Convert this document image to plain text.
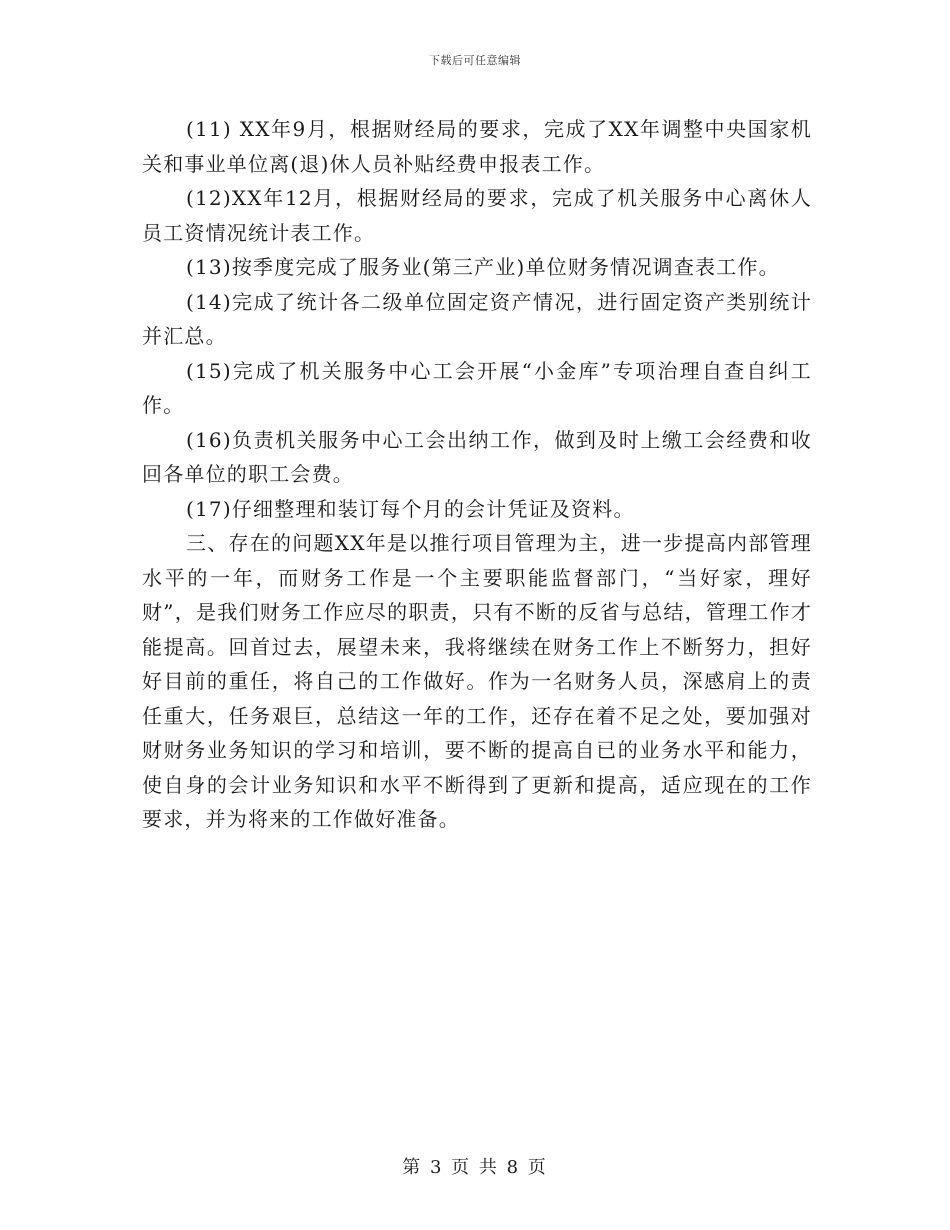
下载后可任意编辑

(11) XX年9月，根据财经局的要求，完成了XX年调整中央国家机关和事业单位离(退)休人员补贴经费申报表工作。

(12)XX年12月，根据财经局的要求，完成了机关服务中心离休人员工资情况统计表工作。

(13)按季度完成了服务业(第三产业)单位财务情况调查表工作。

(14)完成了统计各二级单位固定资产情况，进行固定资产类别统计并汇总。

(15)完成了机关服务中心工会开展“小金库”专项治理自查自纠工作。

(16)负责机关服务中心工会出纳工作，做到及时上缴工会经费和收回各单位的职工会费。

(17)仔细整理和装订每个月的会计凭证及资料。

三、存在的问题XX年是以推行项目管理为主，进一步提高内部管理水平的一年，而财务工作是一个主要职能监督部门，“当好家，理好财”，是我们财务工作应尽的职责，只有不断的反省与总结，管理工作才能提高。回首过去，展望未来，我将继续在财务工作上不断努力，担好好目前的重任，将自己的工作做好。作为一名财务人员，深感肩上的责任重大，任务艰巨，总结这一年的工作，还存在着不足之处，要加强对财财务业务知识的学习和培训，要不断的提高自已的业务水平和能力，使自身的会计业务知识和水平不断得到了更新和提高，适应现在的工作要求，并为将来的工作做好准备。

第 3 页 共 8 页
